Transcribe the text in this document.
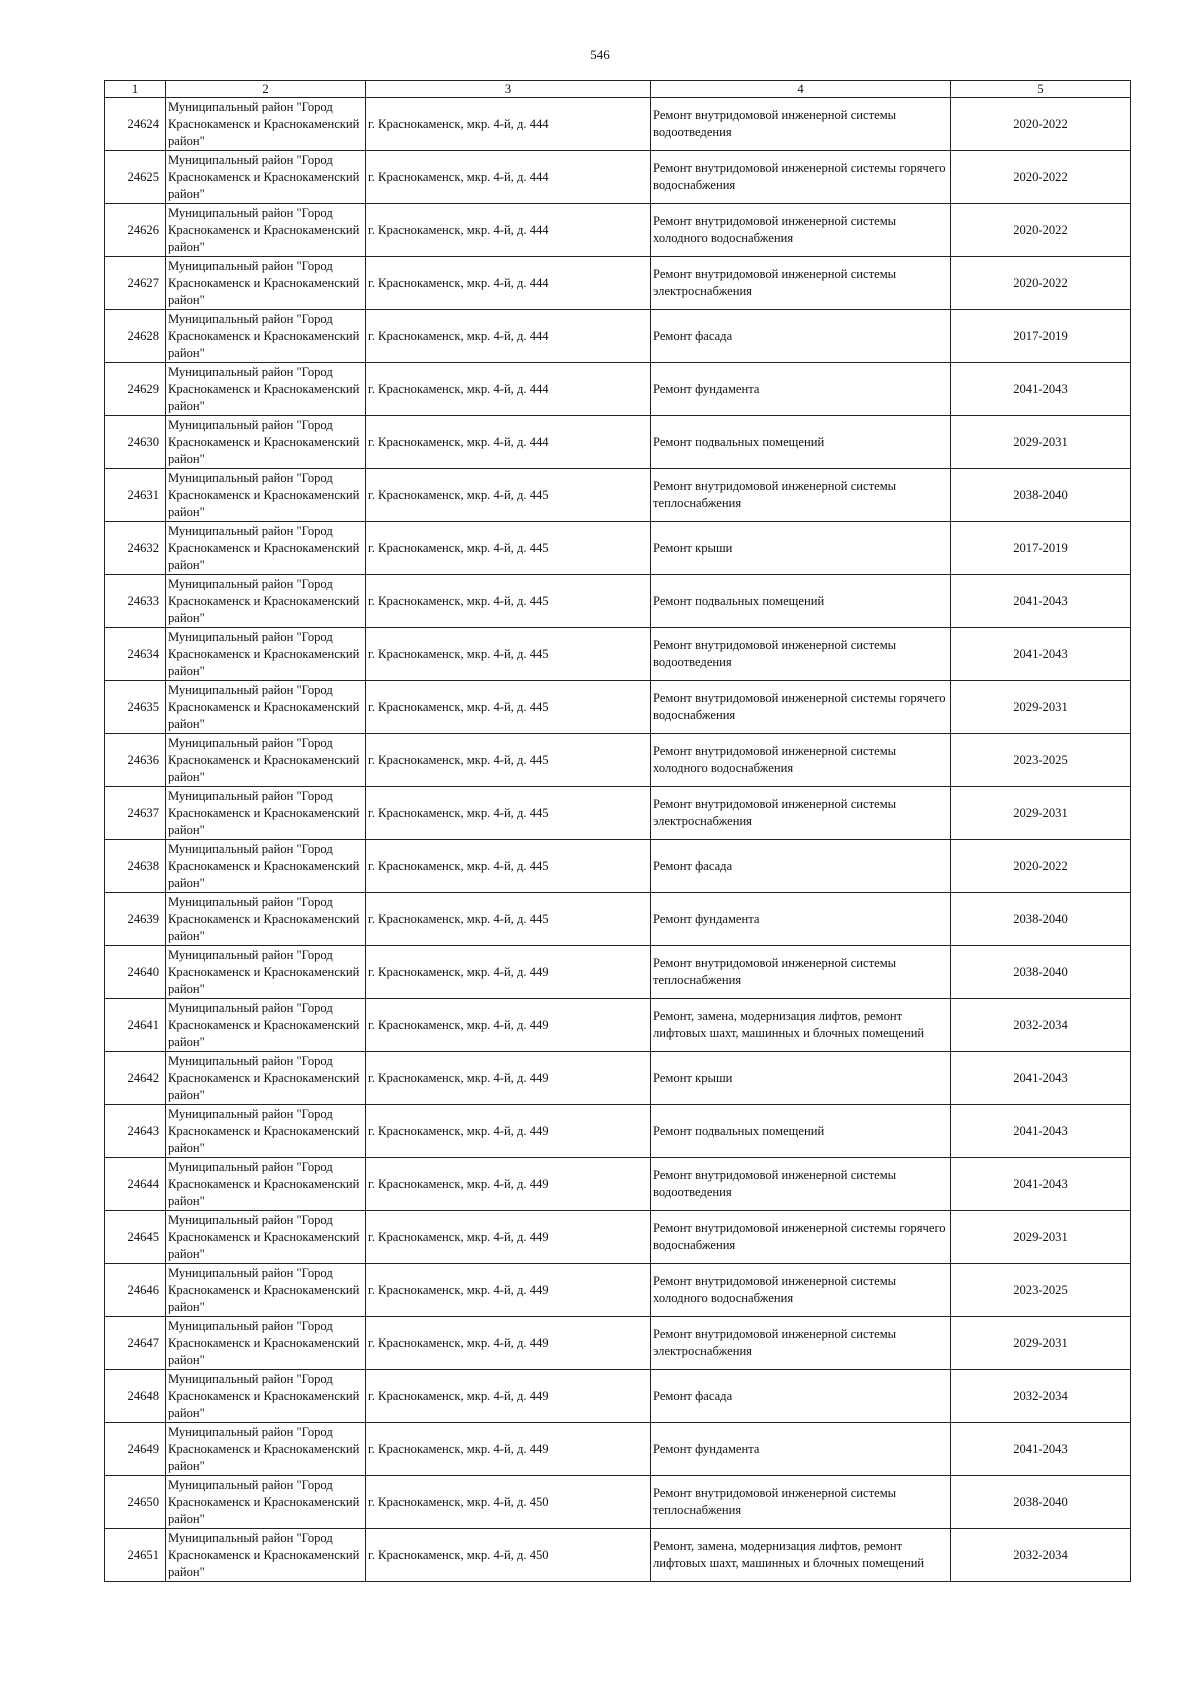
546
1	2	3	4	5
24624	Муниципальный район "Город Краснокаменск и Краснокаменский район"	г. Краснокаменск, мкр. 4-й, д. 444	Ремонт внутридомовой инженерной системы водоотведения	2020-2022
24625	Муниципальный район "Город Краснокаменск и Краснокаменский район"	г. Краснокаменск, мкр. 4-й, д. 444	Ремонт внутридомовой инженерной системы горячего водоснабжения	2020-2022
24626	Муниципальный район "Город Краснокаменск и Краснокаменский район"	г. Краснокаменск, мкр. 4-й, д. 444	Ремонт внутридомовой инженерной системы холодного водоснабжения	2020-2022
24627	Муниципальный район "Город Краснокаменск и Краснокаменский район"	г. Краснокаменск, мкр. 4-й, д. 444	Ремонт внутридомовой инженерной системы электроснабжения	2020-2022
24628	Муниципальный район "Город Краснокаменск и Краснокаменский район"	г. Краснокаменск, мкр. 4-й, д. 444	Ремонт фасада	2017-2019
24629	Муниципальный район "Город Краснокаменск и Краснокаменский район"	г. Краснокаменск, мкр. 4-й, д. 444	Ремонт фундамента	2041-2043
24630	Муниципальный район "Город Краснокаменск и Краснокаменский район"	г. Краснокаменск, мкр. 4-й, д. 444	Ремонт подвальных помещений	2029-2031
24631	Муниципальный район "Город Краснокаменск и Краснокаменский район"	г. Краснокаменск, мкр. 4-й, д. 445	Ремонт внутридомовой инженерной системы теплоснабжения	2038-2040
24632	Муниципальный район "Город Краснокаменск и Краснокаменский район"	г. Краснокаменск, мкр. 4-й, д. 445	Ремонт крыши	2017-2019
24633	Муниципальный район "Город Краснокаменск и Краснокаменский район"	г. Краснокаменск, мкр. 4-й, д. 445	Ремонт подвальных помещений	2041-2043
24634	Муниципальный район "Город Краснокаменск и Краснокаменский район"	г. Краснокаменск, мкр. 4-й, д. 445	Ремонт внутридомовой инженерной системы водоотведения	2041-2043
24635	Муниципальный район "Город Краснокаменск и Краснокаменский район"	г. Краснокаменск, мкр. 4-й, д. 445	Ремонт внутридомовой инженерной системы горячего водоснабжения	2029-2031
24636	Муниципальный район "Город Краснокаменск и Краснокаменский район"	г. Краснокаменск, мкр. 4-й, д. 445	Ремонт внутридомовой инженерной системы холодного водоснабжения	2023-2025
24637	Муниципальный район "Город Краснокаменск и Краснокаменский район"	г. Краснокаменск, мкр. 4-й, д. 445	Ремонт внутридомовой инженерной системы электроснабжения	2029-2031
24638	Муниципальный район "Город Краснокаменск и Краснокаменский район"	г. Краснокаменск, мкр. 4-й, д. 445	Ремонт фасада	2020-2022
24639	Муниципальный район "Город Краснокаменск и Краснокаменский район"	г. Краснокаменск, мкр. 4-й, д. 445	Ремонт фундамента	2038-2040
24640	Муниципальный район "Город Краснокаменск и Краснокаменский район"	г. Краснокаменск, мкр. 4-й, д. 449	Ремонт внутридомовой инженерной системы теплоснабжения	2038-2040
24641	Муниципальный район "Город Краснокаменск и Краснокаменский район"	г. Краснокаменск, мкр. 4-й, д. 449	Ремонт, замена, модернизация лифтов, ремонт лифтовых шахт, машинных и блочных помещений	2032-2034
24642	Муниципальный район "Город Краснокаменск и Краснокаменский район"	г. Краснокаменск, мкр. 4-й, д. 449	Ремонт крыши	2041-2043
24643	Муниципальный район "Город Краснокаменск и Краснокаменский район"	г. Краснокаменск, мкр. 4-й, д. 449	Ремонт подвальных помещений	2041-2043
24644	Муниципальный район "Город Краснокаменск и Краснокаменский район"	г. Краснокаменск, мкр. 4-й, д. 449	Ремонт внутридомовой инженерной системы водоотведения	2041-2043
24645	Муниципальный район "Город Краснокаменск и Краснокаменский район"	г. Краснокаменск, мкр. 4-й, д. 449	Ремонт внутридомовой инженерной системы горячего водоснабжения	2029-2031
24646	Муниципальный район "Город Краснокаменск и Краснокаменский район"	г. Краснокаменск, мкр. 4-й, д. 449	Ремонт внутридомовой инженерной системы холодного водоснабжения	2023-2025
24647	Муниципальный район "Город Краснокаменск и Краснокаменский район"	г. Краснокаменск, мкр. 4-й, д. 449	Ремонт внутридомовой инженерной системы электроснабжения	2029-2031
24648	Муниципальный район "Город Краснокаменск и Краснокаменский район"	г. Краснокаменск, мкр. 4-й, д. 449	Ремонт фасада	2032-2034
24649	Муниципальный район "Город Краснокаменск и Краснокаменский район"	г. Краснокаменск, мкр. 4-й, д. 449	Ремонт фундамента	2041-2043
24650	Муниципальный район "Город Краснокаменск и Краснокаменский район"	г. Краснокаменск, мкр. 4-й, д. 450	Ремонт внутридомовой инженерной системы теплоснабжения	2038-2040
24651	Муниципальный район "Город Краснокаменск и Краснокаменский район"	г. Краснокаменск, мкр. 4-й, д. 450	Ремонт, замена, модернизация лифтов, ремонт лифтовых шахт, машинных и блочных помещений	2032-2034
